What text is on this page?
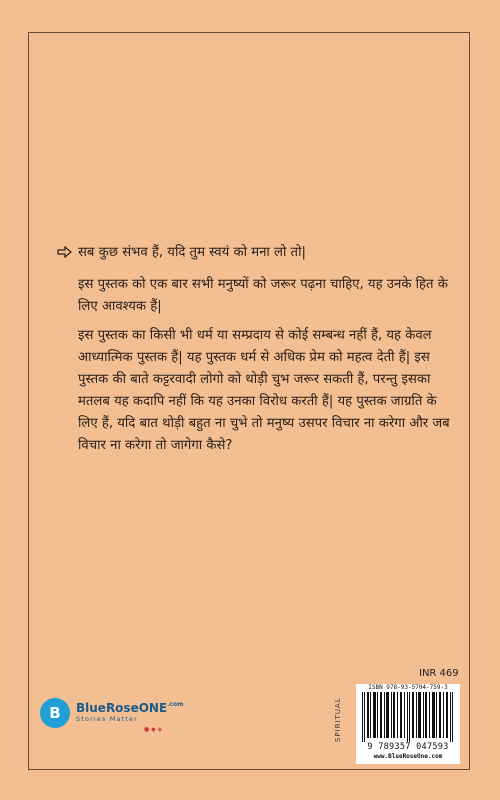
सब कुछ संभव हैं, यदि तुम स्वयं को मना लो तो|
इस पुस्तक को एक बार सभी मनुष्यों को जरूर पढ़ना चाहिए, यह उनके हित के लिए आवश्यक हैं|
इस पुस्तक का किसी भी धर्म या सम्प्रदाय से कोई सम्बन्ध नहीं हैं, यह केवल आध्यात्मिक पुस्तक हैं| यह पुस्तक धर्म से अधिक प्रेम को महत्व देती हैं| इस पुस्तक की बाते कट्टरवादी लोगो को थोड़ी चुभ जरूर सकती हैं, परन्तु इसका मतलब यह कदापि नहीं कि यह उनका विरोध करती हैं| यह पुस्तक जाग्रति के लिए हैं, यदि बात थोड़ी बहुत ना चुभे तो मनुष्य उसपर विचार ना करेगा और जब विचार ना करेगा तो जागेगा कैसे?
INR 469
SPIRITUAL
ISBN 978-93-5704-759-3
9 789357 047593
www.BlueRoseOne.com
B	BlueRoseONE$^{.com}$
Stories Matter
● ◆ ◈
